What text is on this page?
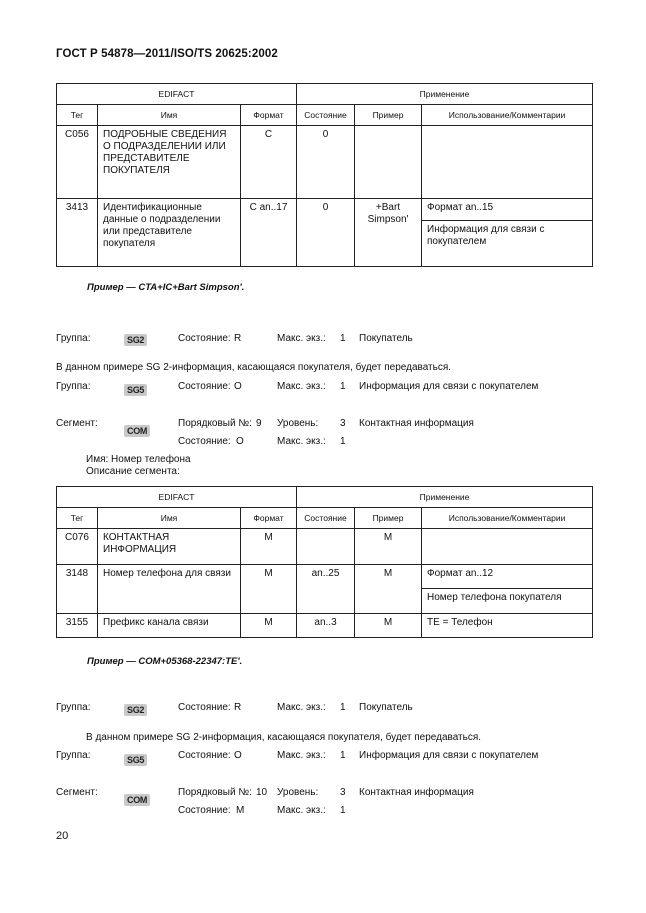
ГОСТ Р 54878—2011/ISO/TS 20625:2002
EDIFACT			Применение		
Тег	Имя	Формат	Состояние	Пример	Использование/Комментарии
C056	ПОДРОБНЫЕ СВЕДЕНИЯ О ПОДРАЗДЕЛЕНИИ ИЛИ ПРЕДСТАВИТЕЛЕ ПОКУПАТЕЛЯ	C	0		
3413	Идентификационные данные о подразделении или представителе покупателя	C an..17	0	+Bart Simpson'	Формат an..15
					Информация для связи с покупателем
Пример — CTA+IC+Bart Simpson'.
Группа:	SG2	Состояние: R	Макс. экз.: 1 Покупатель
В данном примере SG 2-информация, касающаяся покупателя, будет передаваться.
Группа:	SG5	Состояние: O	Макс. экз.: 1 Информация для связи с покупателем
Сегмент:
COM
Порядковый №: 9 Уровень: 3 Контактная информация
Состояние: O	Макс. экз.: 1
Имя: Номер телефона
Описание сегмента:
EDIFACT			Применение		
Тег	Имя	Формат	Состояние	Пример	Использование/Комментарии
C076	КОНТАКТНАЯ ИНФОРМАЦИЯ	M		M	
3148	Номер телефона для связи	M	an..25	M	Формат an..12
					Номер телефона покупателя
3155	Префикс канала связи	M	an..3	M	TE = Телефон
Пример — COM+05368-22347:TE'.
Группа:	SG2	Состояние: R	Макс. экз.: 1 Покупатель
В данном примере SG 2-информация, касающаяся покупателя, будет передаваться.
Группа:	SG5	Состояние: O	Макс. экз.: 1 Информация для связи с покупателем
Сегмент:
COM
Порядковый №: 10 Уровень: 3 Контактная информация
Состояние: M	Макс. экз.: 1
20
